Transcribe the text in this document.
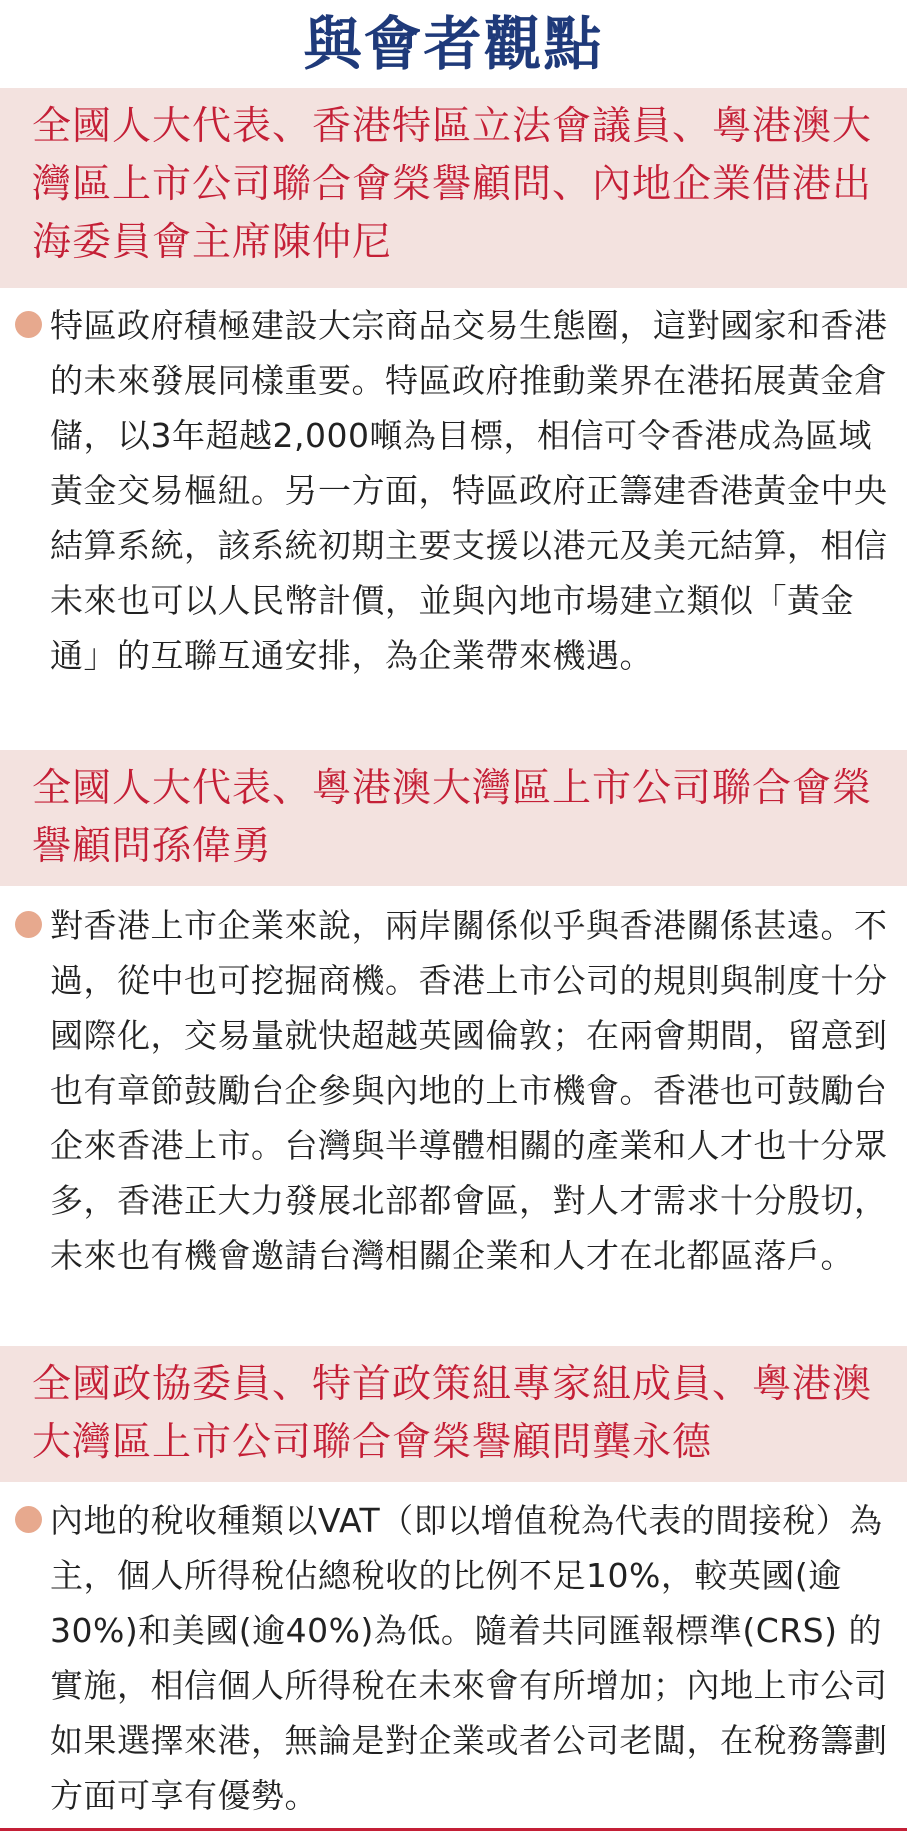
與會者觀點
全國人大代表、香港特區立法會議員、粵港澳大灣區上市公司聯合會榮譽顧問、內地企業借港出海委員會主席陳仲尼
特區政府積極建設大宗商品交易生態圈，這對國家和香港的未來發展同樣重要。特區政府推動業界在港拓展黃金倉儲，以3年超越2,000噸為目標，相信可令香港成為區域黃金交易樞紐。另一方面，特區政府正籌建香港黃金中央結算系統，該系統初期主要支援以港元及美元結算，相信未來也可以人民幣計價，並與內地市場建立類似「黃金通」的互聯互通安排，為企業帶來機遇。
全國人大代表、粵港澳大灣區上市公司聯合會榮譽顧問孫偉勇
對香港上市企業來說，兩岸關係似乎與香港關係甚遠。不過，從中也可挖掘商機。香港上市公司的規則與制度十分國際化，交易量就快超越英國倫敦；在兩會期間，留意到也有章節鼓勵台企參與內地的上市機會。香港也可鼓勵台企來香港上市。台灣與半導體相關的產業和人才也十分眾多，香港正大力發展北部都會區，對人才需求十分殷切，未來也有機會邀請台灣相關企業和人才在北都區落戶。
全國政協委員、特首政策組專家組成員、粵港澳大灣區上市公司聯合會榮譽顧問龔永德
內地的稅收種類以VAT（即以增值稅為代表的間接稅）為主，個人所得稅佔總稅收的比例不足10%，較英國(逾30%)和美國(逾40%)為低。隨着共同匯報標準(CRS) 的實施，相信個人所得稅在未來會有所增加；內地上市公司如果選擇來港，無論是對企業或者公司老闆，在稅務籌劃方面可享有優勢。
